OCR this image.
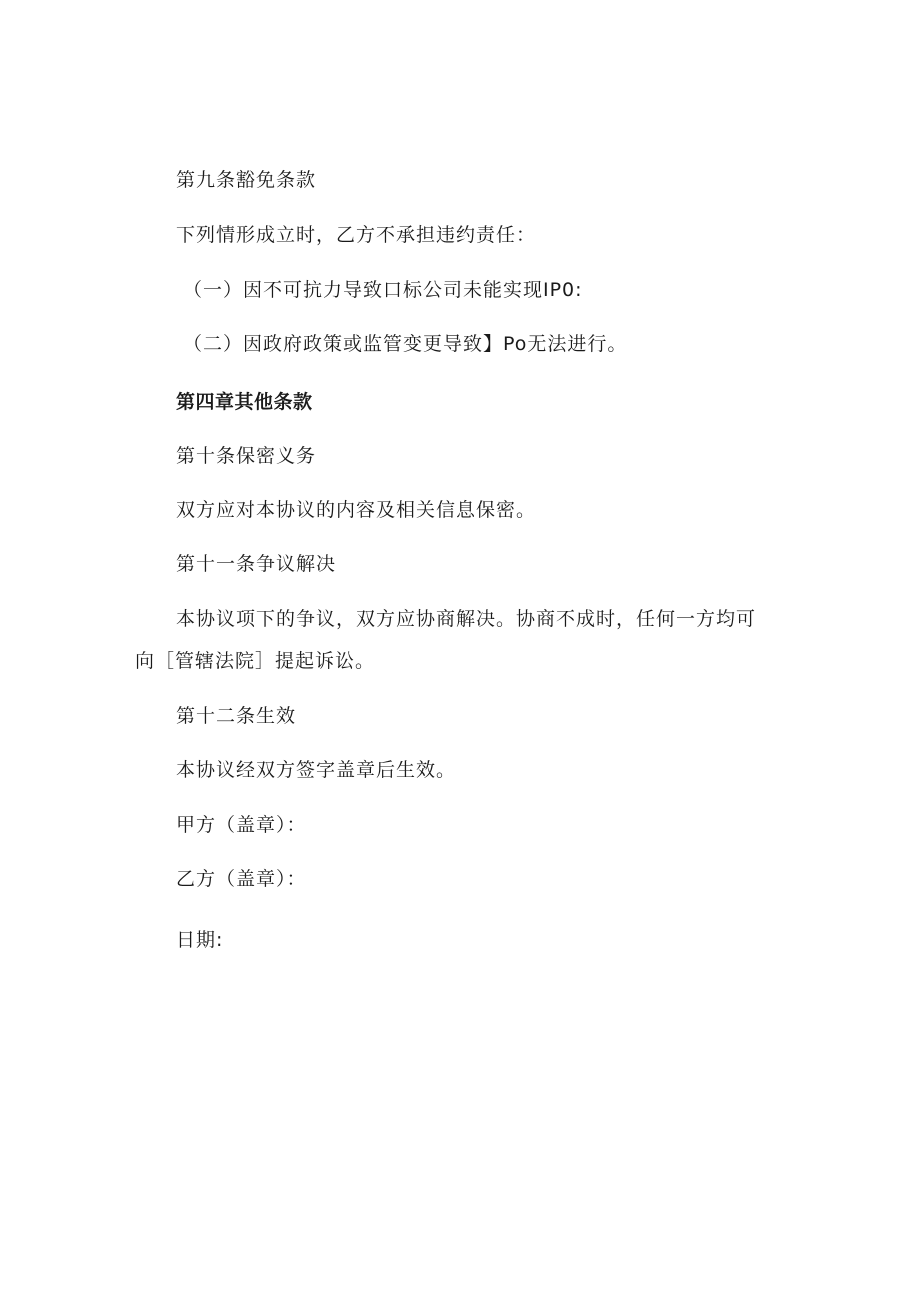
第九条豁免条款
下列情形成立时，乙方不承担违约责任：
（一）因不可抗力导致口标公司未能实现IP0:
（二）因政府政策或监管变更导致】Po无法进行。
第四章其他条款
第十条保密义务
双方应对本协议的内容及相关信息保密。
第十一条争议解决
本协议项下的争议，双方应协商解决。协商不成时，任何一方均可
向［管辖法院］提起诉讼。
第十二条生效
本协议经双方签字盖章后生效。
甲方（盖章）：
乙方（盖章）：
日期:
